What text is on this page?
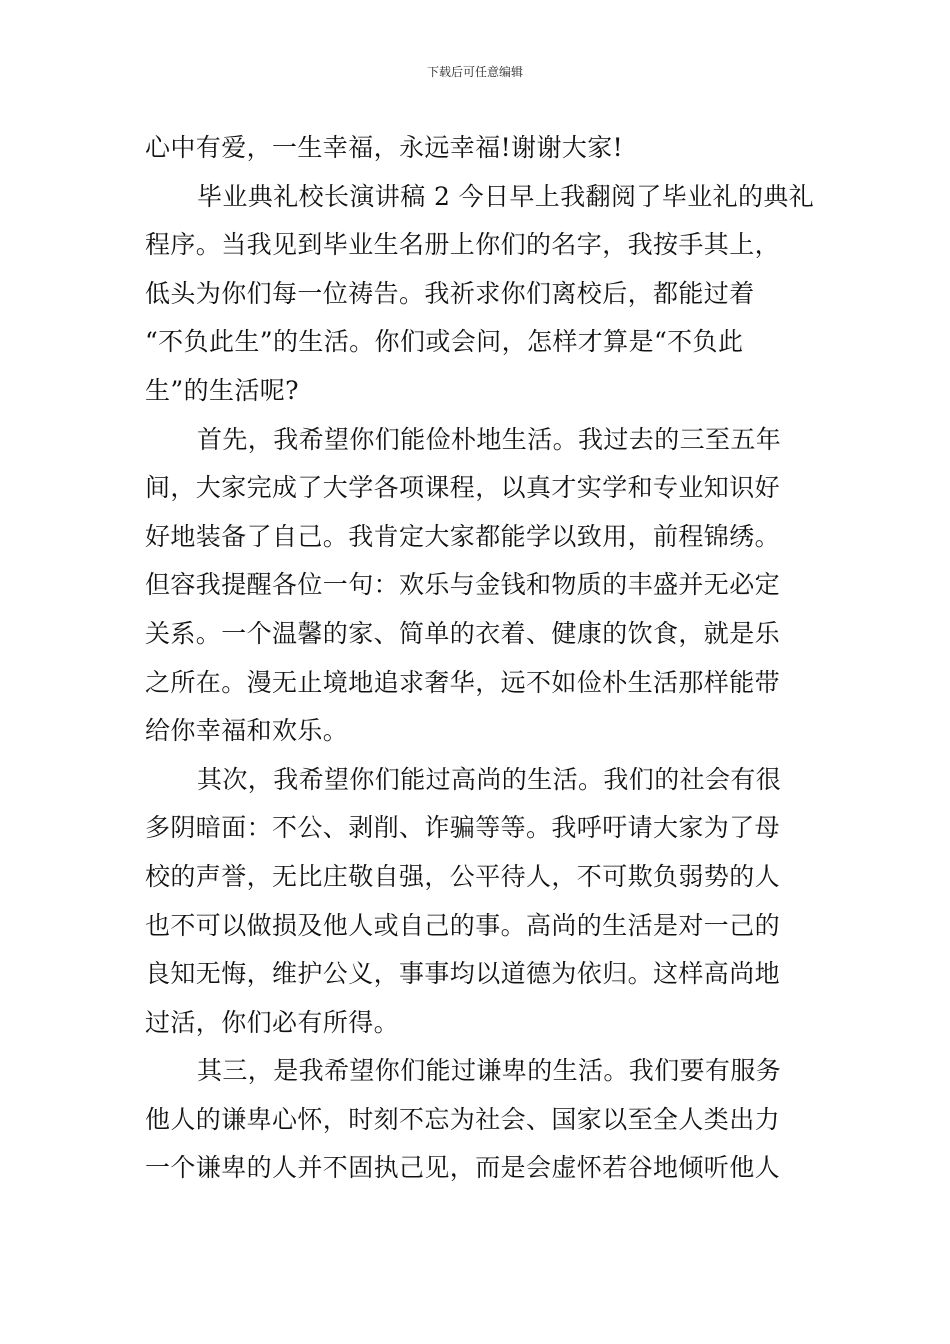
下载后可任意编辑
心中有爱，一生幸福，永远幸福!谢谢大家!
毕业典礼校长演讲稿 2 今日早上我翻阅了毕业礼的典礼
程序。当我见到毕业生名册上你们的名字，我按手其上，
低头为你们每一位祷告。我祈求你们离校后，都能过着
“不负此生”的生活。你们或会问，怎样才算是“不负此
生”的生活呢?
首先，我希望你们能俭朴地生活。我过去的三至五年
间，大家完成了大学各项课程，以真才实学和专业知识好
好地装备了自己。我肯定大家都能学以致用，前程锦绣。
但容我提醒各位一句：欢乐与金钱和物质的丰盛并无必定
关系。一个温馨的家、简单的衣着、健康的饮食，就是乐
之所在。漫无止境地追求奢华，远不如俭朴生活那样能带
给你幸福和欢乐。
其次，我希望你们能过高尚的生活。我们的社会有很
多阴暗面：不公、剥削、诈骗等等。我呼吁请大家为了母
校的声誉，无比庄敬自强，公平待人，不可欺负弱势的人
也不可以做损及他人或自己的事。高尚的生活是对一己的
良知无悔，维护公义，事事均以道德为依归。这样高尚地
过活，你们必有所得。
其三，是我希望你们能过谦卑的生活。我们要有服务
他人的谦卑心怀，时刻不忘为社会、国家以至全人类出力
一个谦卑的人并不固执己见，而是会虚怀若谷地倾听他人
